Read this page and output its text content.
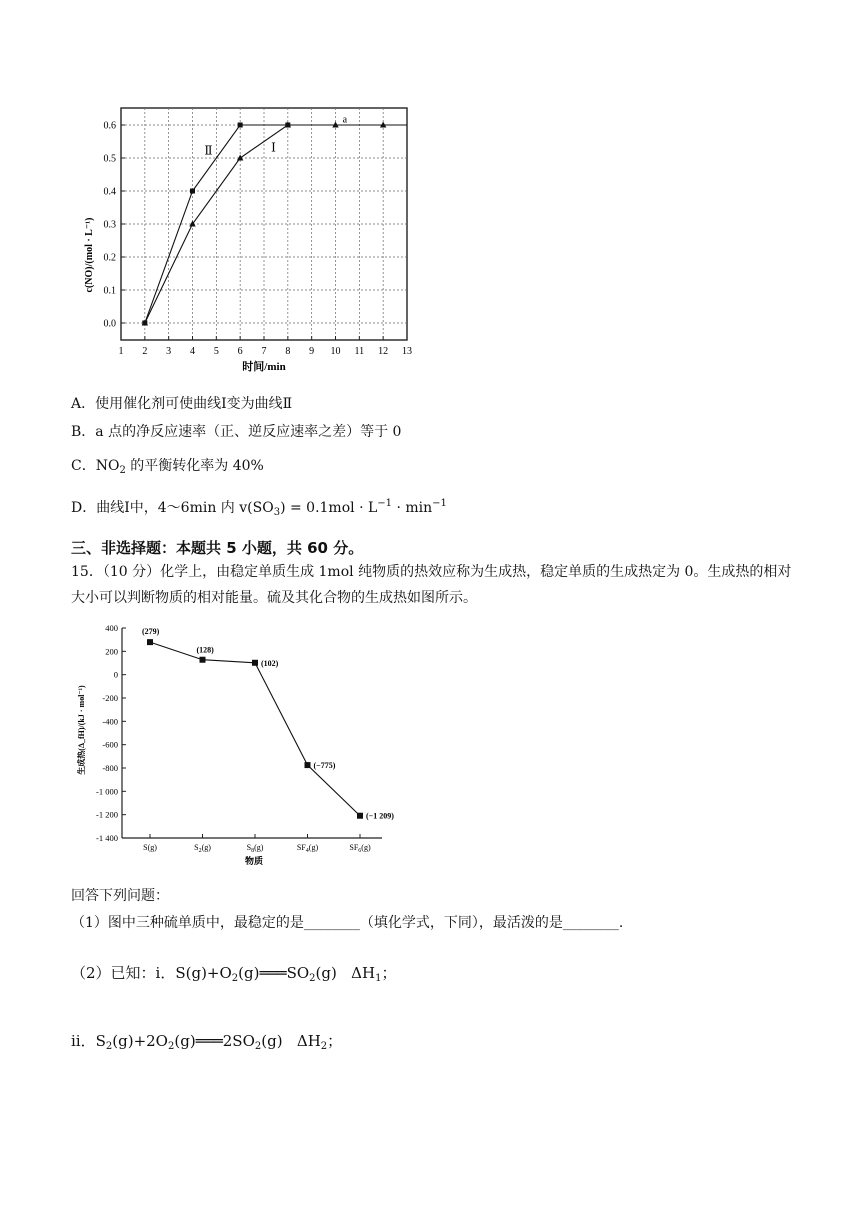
1 2 3 4 5 6 7 8 9 10 11 12 13
0.0
0.1
0.2
0.3
0.4
0.5
0.6
Ⅱ	Ⅰ
a
时间/min
c(NO)/(mol · L⁻¹)
A．使用催化剂可使曲线Ⅰ变为曲线Ⅱ
B．a 点的净反应速率（正、逆反应速率之差）等于 0
C．$NO_2$ 的平衡转化率为 40%
D．曲线Ⅰ中，4～6min 内 $v(SO_3) = 0.1mol \cdot L^{-1} \cdot \min^{-1}$
三、非选择题：本题共 5 小题，共 60 分。
15．（10 分）化学上，由稳定单质生成 1mol 纯物质的热效应称为生成热，稳定单质的生成热定为 0。生成热的相对大小可以判断物质的相对能量。硫及其化合物的生成热如图所示。
400
200
0
-200
-400
-600
-800
-1 000
-1 200
-1 400
S(g)	$S_2(g)$	$S_8(g)$	$SF_4(g)$	$SF_6(g)$
(279)
(128)
(102)
(−775)
(−1 209)
物质
生成热(Δ_fH)/(kJ · mol⁻¹)
回答下列问题：
（1）图中三种硫单质中，最稳定的是________（填化学式，下同），最活泼的是________.
（2）已知：ⅰ．$S(g)+O_2(g)═══SO_2(g)$ $\Delta H_1$；
ⅱ．$S_2(g)+2O_2(g)═══2SO_2(g)$ $\Delta H_2$；
